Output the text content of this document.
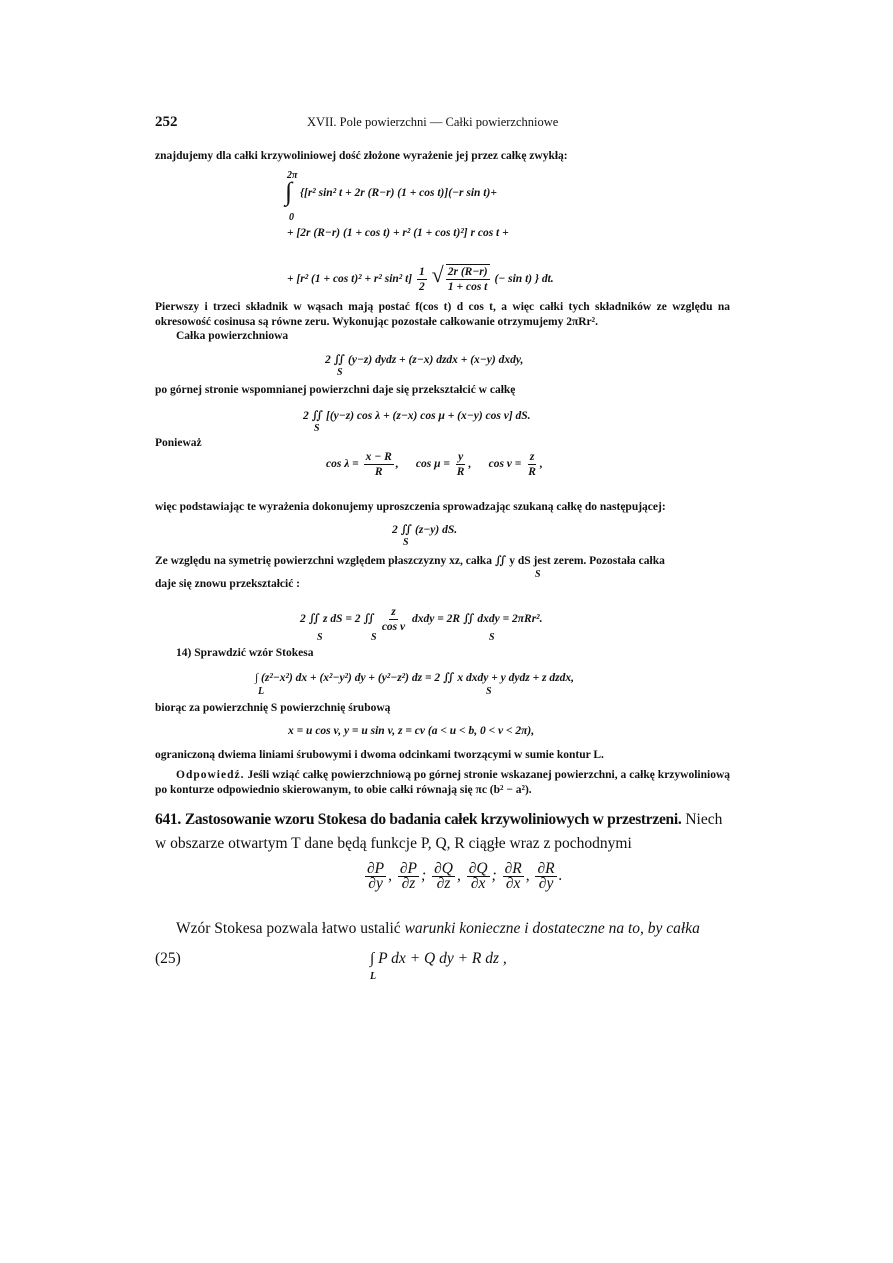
252	XVII. Pole powierzchni — Całki powierzchniowe
znajdujemy dla całki krzywoliniowej dość złożone wyrażenie jej przez całkę zwykłą:
2π
∫
0
{[r² sin² t + 2r (R−r) (1 + cos t)](−r sin t)+
+ [2r (R−r) (1 + cos t) + r² (1 + cos t)²] r cos t +
+ [r² (1 + cos t)² + r² sin² $t] \frac{1}{2}$ √ $\frac{2r (R-r)}{\text{1 + cos t}}$ (− sin t) } dt.
Pierwszy i trzeci składnik w wąsach mają postać f(cos t) d cos t, a więc całki tych składników ze względu na okresowość cosinusa są równe zeru. Wykonując pozostałe całkowanie otrzymujemy 2πRr².
Całka powierzchniowa
2 ∬ (y−z) dydz + (z−x) dzdx + (x−y) dxdy,
S
po górnej stronie wspomnianej powierzchni daje się przekształcić w całkę
2 ∬ [(y−z) cos λ + (z−x) cos μ + (x−y) cos ν] dS.
S
Ponieważ
$\cos \lambda = \frac{x - R}{R}$ ,      $\cos \mu = \frac{y}{R}$ ,      $\cos \nu = \frac{z}{R}$ ,
więc podstawiając te wyrażenia dokonujemy uproszczenia sprowadzając szukaną całkę do następującej:
2 ∬ (z−y) dS.
S
Ze względu na symetrię powierzchni względem płaszczyzny xz, całka ∬ y dS jest zerem. Pozostała całka
S
daje się znowu przekształcić :
2 ∬ z dS = 2 ∬ $\frac{z}{\text{cos ν}}$ dxdy = 2R ∬ dxdy = 2πRr².
S	S	S
14) Sprawdzić wzór Stokesa
∫ (z²−x²) dx + (x²−y²) dy + (y²−z²) dz = 2 ∬ x dxdy + y dydz + z dzdx,
L	S
biorąc za powierzchnię S powierzchnię śrubową
x = u cos v, y = u sin v, z = cv (a < u < b, 0 < v < 2π),
ograniczoną dwiema liniami śrubowymi i dwoma odcinkami tworzącymi w sumie kontur L.
Odpowiedź. Jeśli wziąć całkę powierzchniową po górnej stronie wskazanej powierzchni, a całkę krzywoliniową po konturze odpowiednio skierowanym, to obie całki równają się πc (b² − a²).
641. Zastosowanie wzoru Stokesa do badania całek krzywoliniowych w przestrzeni. Niech
w obszarze otwartym T dane będą funkcje P, Q, R ciągłe wraz z pochodnymi
$\frac{\partial P}{\partial y}$ , $\frac{\partial P}{\partial z}$ ; $\frac{\partial Q}{\partial z}$ , $\frac{\partial Q}{\partial x}$ ; $\frac{\partial R}{\partial x}$ , $\frac{\partial R}{\partial y}$ .
Wzór Stokesa pozwala łatwo ustalić warunki konieczne i dostateczne na to, by całka
(25)	∫ P dx + Q dy + R dz ,
L
